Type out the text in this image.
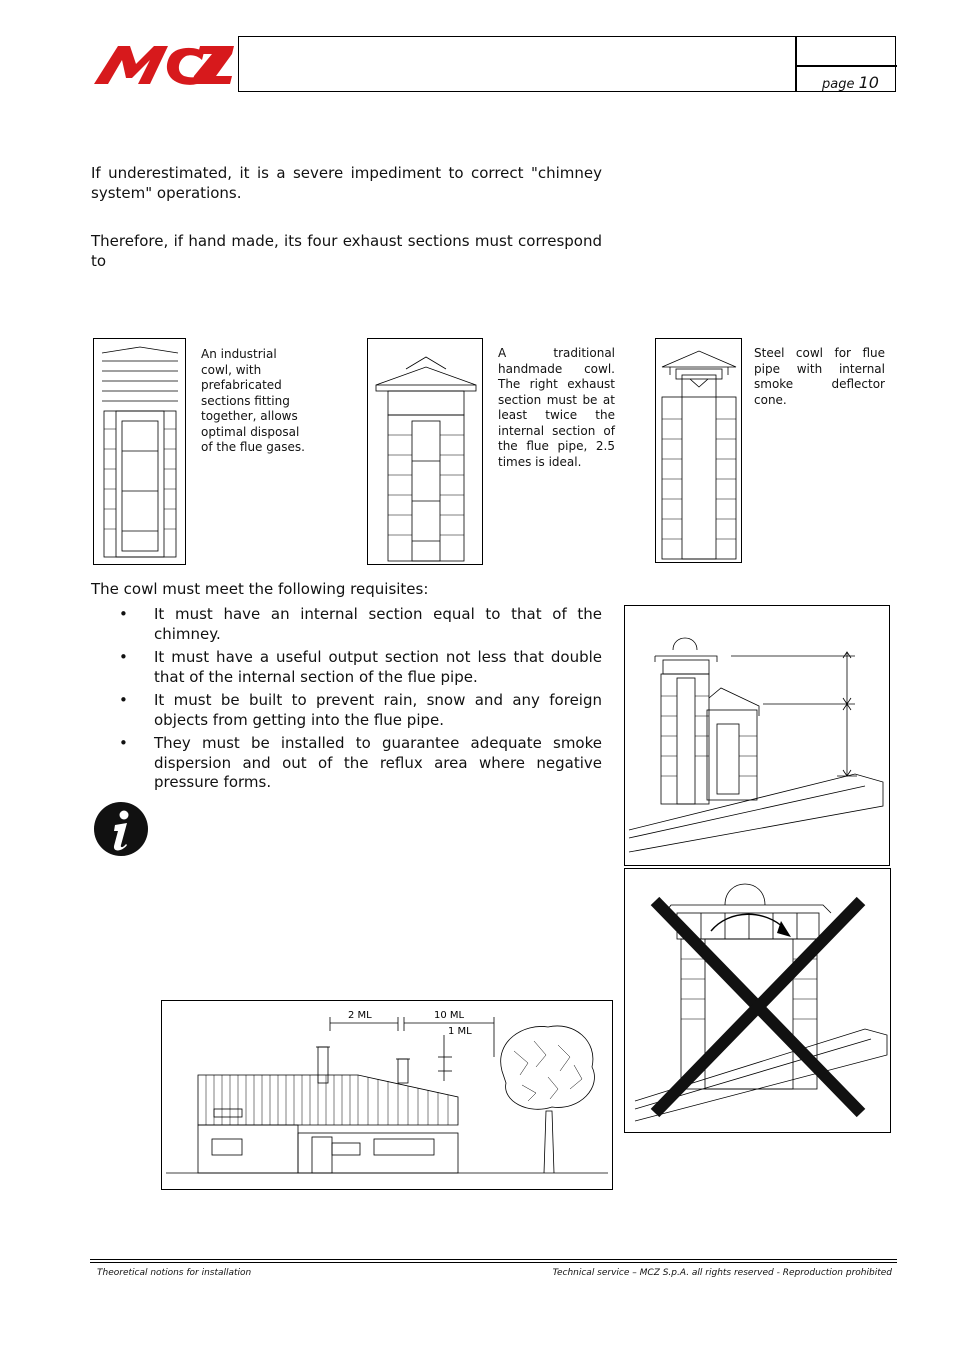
page 10
If underestimated, it is a severe impediment to correct "chimney system" operations.
Therefore, if hand made, its four exhaust sections must correspond to
An industrial cowl, with prefabricated sections fitting together, allows optimal disposal of the flue gases.
A traditional handmade cowl. The right exhaust section must be at least twice the internal section of the flue pipe, 2.5 times is ideal.
Steel cowl for flue pipe with internal smoke deflector cone.
The cowl must meet the following requisites:
• It must have an internal section equal to that of the chimney.
• It must have a useful output section not less that double that of the internal section of the flue pipe.
• It must be built to prevent rain, snow and any foreign objects from getting into the flue pipe.
• They must be installed to guarantee adequate smoke dispersion and out of the reflux area where negative pressure forms.
2 ML	10 ML
1 ML
Theoretical notions for installation	Technical service – MCZ S.p.A. all rights reserved - Reproduction prohibited
